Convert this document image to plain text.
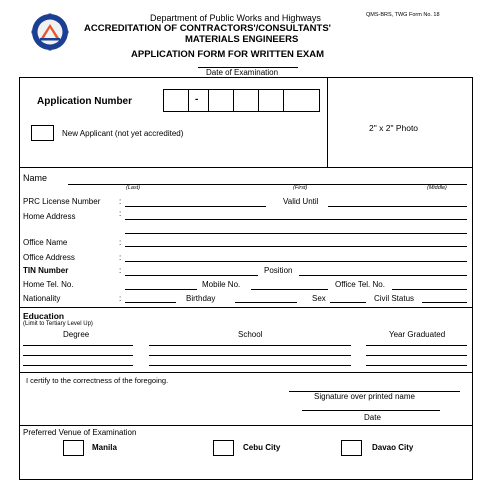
Department of Public Works and Highways	QMS-BRS, TWG Form No. 18
ACCREDITATION OF CONTRACTORS'/CONSULTANTS'
MATERIALS ENGINEERS
APPLICATION FORM FOR WRITTEN EXAM
Date of Examination
Application Number	-
New Applicant (not yet accredited)
2" x 2" Photo
Name
(Last)	(First)	(Middle)
PRC License Number :	Valid Until
Home Address	:
Office Name	:
Office Address	:
TIN Number	:	Position
Home Tel. No.	Mobile No.	Office Tel. No.
Nationality	:	Birthday	Sex	Civil Status
Education
(Limit to Tertiary Level Up)
Degree	School	Year Graduated
I certify to the correctness of the foregoing.
Signature over printed name
Date
Preferred Venue of Examination
Manila	Cebu City	Davao City
